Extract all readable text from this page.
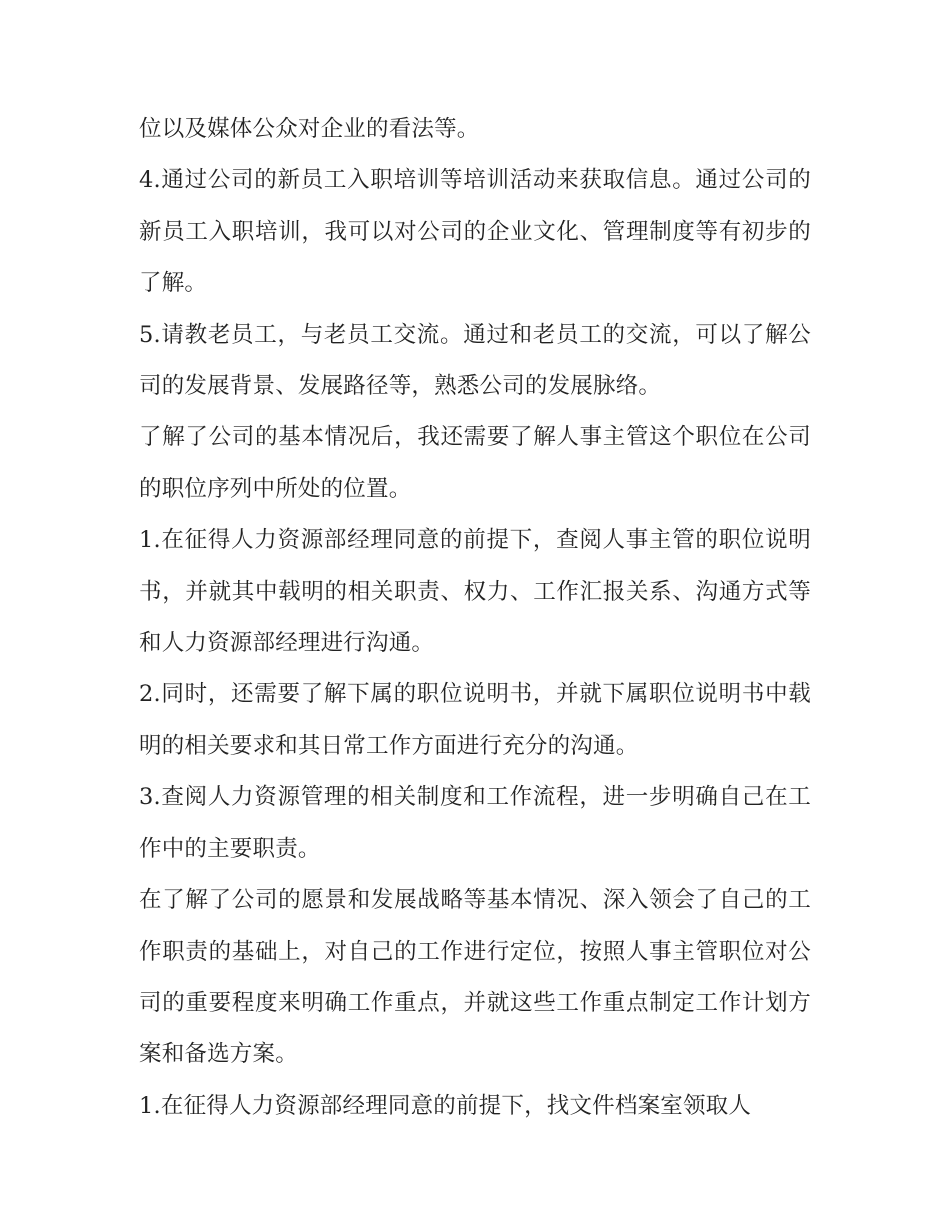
位以及媒体公众对企业的看法等。

4.通过公司的新员工入职培训等培训活动来获取信息。通过公司的新员工入职培训，我可以对公司的企业文化、管理制度等有初步的了解。

5.请教老员工，与老员工交流。通过和老员工的交流，可以了解公司的发展背景、发展路径等，熟悉公司的发展脉络。

了解了公司的基本情况后，我还需要了解人事主管这个职位在公司的职位序列中所处的位置。

1.在征得人力资源部经理同意的前提下，查阅人事主管的职位说明书，并就其中载明的相关职责、权力、工作汇报关系、沟通方式等和人力资源部经理进行沟通。

2.同时，还需要了解下属的职位说明书，并就下属职位说明书中载明的相关要求和其日常工作方面进行充分的沟通。

3.查阅人力资源管理的相关制度和工作流程，进一步明确自己在工作中的主要职责。

在了解了公司的愿景和发展战略等基本情况、深入领会了自己的工作职责的基础上，对自己的工作进行定位，按照人事主管职位对公司的重要程度来明确工作重点，并就这些工作重点制定工作计划方案和备选方案。

1.在征得人力资源部经理同意的前提下，找文件档案室领取人
